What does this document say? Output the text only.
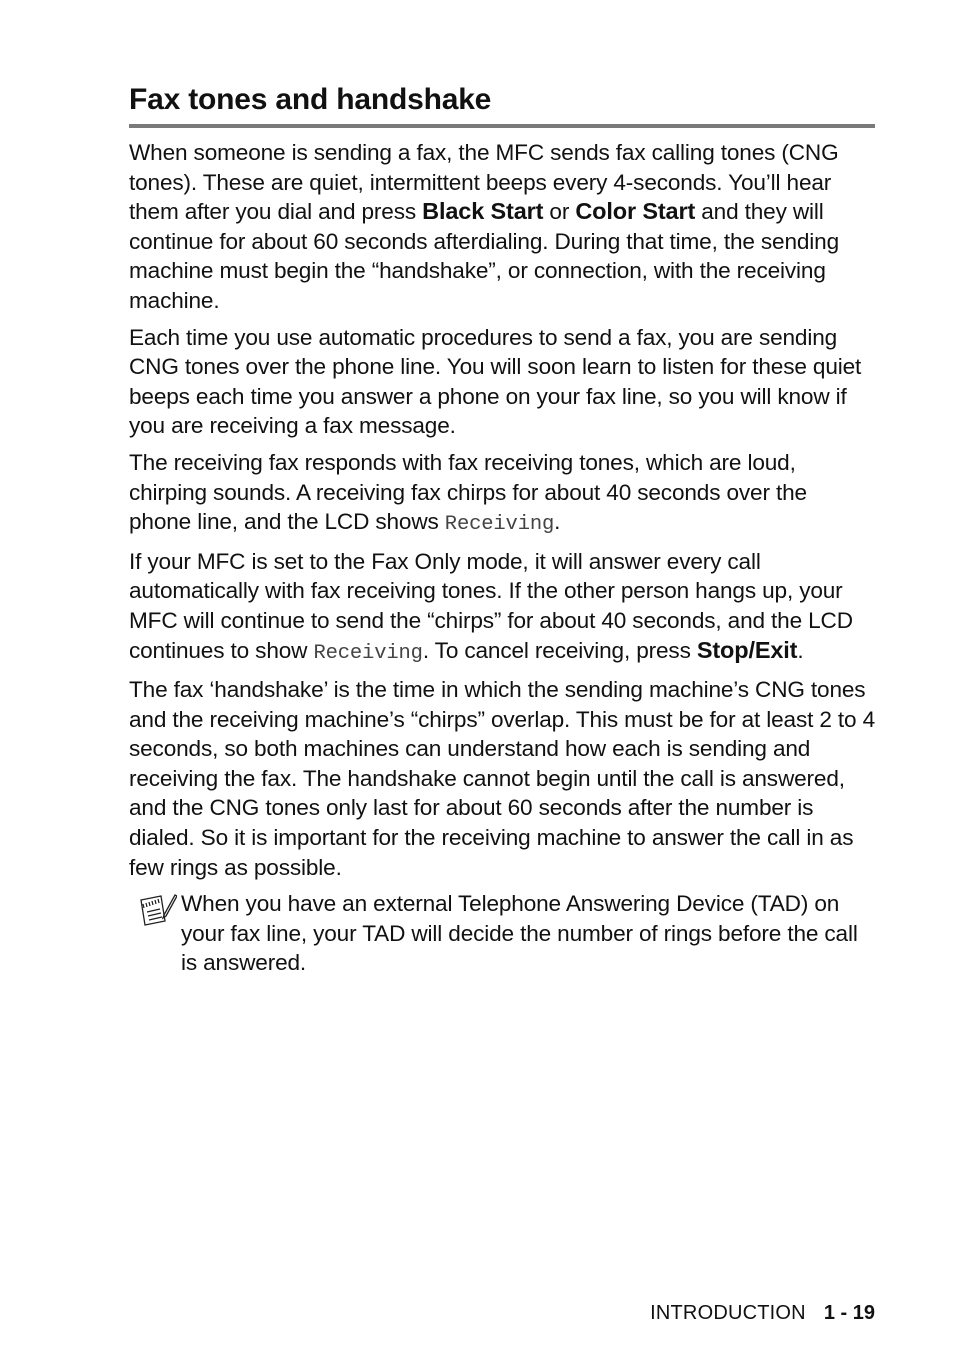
Fax tones and handshake

When someone is sending a fax, the MFC sends fax calling tones (CNG tones). These are quiet, intermittent beeps every 4-seconds. You’ll hear them after you dial and press Black Start or Color Start and they will continue for about 60 seconds afterdialing. During that time, the sending machine must begin the “handshake”, or connection, with the receiving machine.

Each time you use automatic procedures to send a fax, you are sending CNG tones over the phone line. You will soon learn to listen for these quiet beeps each time you answer a phone on your fax line, so you will know if you are receiving a fax message.

The receiving fax responds with fax receiving tones, which are loud, chirping sounds. A receiving fax chirps for about 40 seconds over the phone line, and the LCD shows Receiving.

If your MFC is set to the Fax Only mode, it will answer every call automatically with fax receiving tones. If the other person hangs up, your MFC will continue to send the “chirps” for about 40 seconds, and the LCD continues to show Receiving. To cancel receiving, press Stop/Exit.

The fax ‘handshake’ is the time in which the sending machine’s CNG tones and the receiving machine’s “chirps” overlap. This must be for at least 2 to 4 seconds, so both machines can understand how each is sending and receiving the fax. The handshake cannot begin until the call is answered, and the CNG tones only last for about 60 seconds after the number is dialed. So it is important for the receiving machine to answer the call in as few rings as possible.

When you have an external Telephone Answering Device (TAD) on your fax line, your TAD will decide the number of rings before the call is answered.

INTRODUCTION 1 - 19
